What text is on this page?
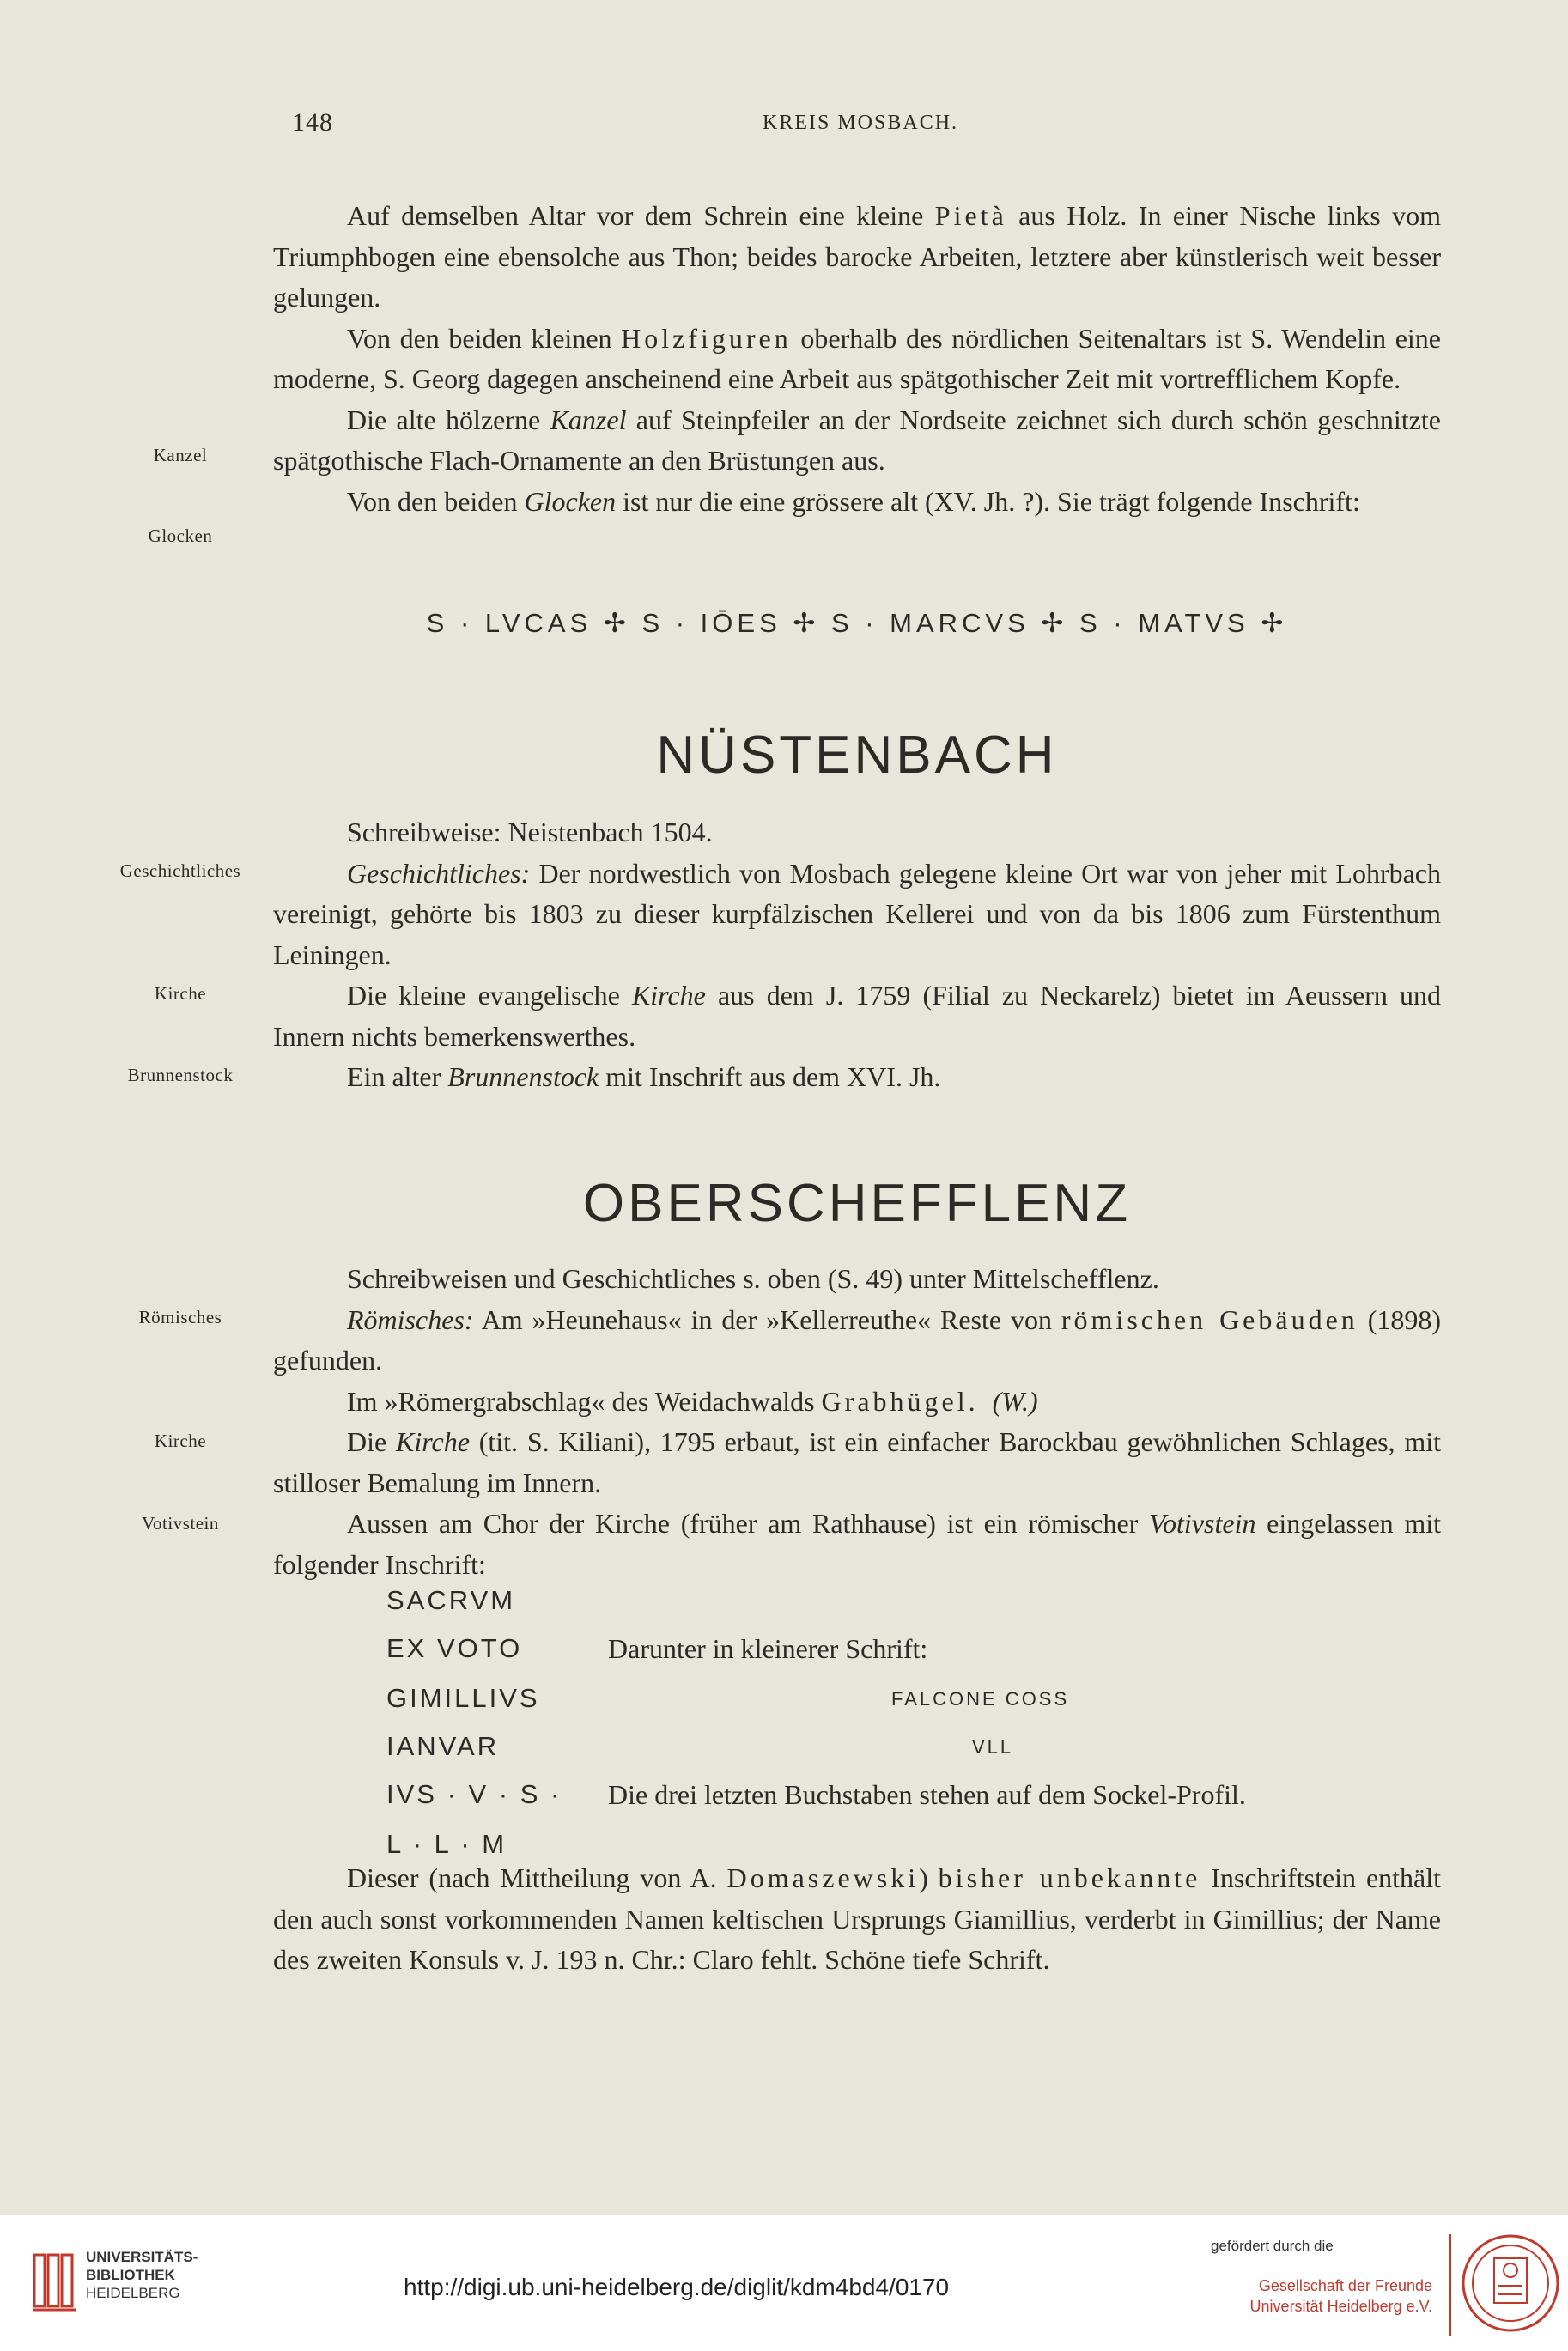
148	KREIS MOSBACH.

Auf demselben Altar vor dem Schrein eine kleine Pietà aus Holz. In einer Nische links vom Triumphbogen eine ebensolche aus Thon; beides barocke Arbeiten, letztere aber künstlerisch weit besser gelungen.

Von den beiden kleinen Holzfiguren oberhalb des nördlichen Seitenaltars ist S. Wendelin eine moderne, S. Georg dagegen anscheinend eine Arbeit aus spätgothischer Zeit mit vortrefflichem Kopfe.

Die alte hölzerne Kanzel auf Steinpfeiler an der Nordseite zeichnet sich durch schön geschnitzte spätgothische Flach-Ornamente an den Brüstungen aus.

Von den beiden Glocken ist nur die eine grössere alt (XV. Jh. ?). Sie trägt folgende Inschrift:

Kanzel
Glocken
S · LVCAS ✢ S · IŌES ✢ S · MARCVS ✢ S · MATVS ✢
NÜSTENBACH

Schreibweise: Neistenbach 1504.

Geschichtliches: Der nordwestlich von Mosbach gelegene kleine Ort war von jeher mit Lohrbach vereinigt, gehörte bis 1803 zu dieser kurpfälzischen Kellerei und von da bis 1806 zum Fürstenthum Leiningen.

Die kleine evangelische Kirche aus dem J. 1759 (Filial zu Neckarelz) bietet im Aeussern und Innern nichts bemerkenswerthes.

Ein alter Brunnenstock mit Inschrift aus dem XVI. Jh.

Geschichtliches
Kirche
Brunnenstock
OBERSCHEFFLENZ

Schreibweisen und Geschichtliches s. oben (S. 49) unter Mittelschefflenz.

Römisches: Am »Heunehaus« in der »Kellerreuthe« Reste von römischen Gebäuden (1898) gefunden.

Im »Römergrabschlag« des Weidachwalds Grabhügel. (W.)

Die Kirche (tit. S. Kiliani), 1795 erbaut, ist ein einfacher Barockbau gewöhnlichen Schlages, mit stilloser Bemalung im Innern.

Aussen am Chor der Kirche (früher am Rathhause) ist ein römischer Votivstein eingelassen mit folgender Inschrift:

Römisches
Kirche
Votivstein
SACRVM
EX VOTO
GIMILLIVS
IANVAR
IVS · V · S ·
L · L · M
Darunter in kleinerer Schrift:
FALCONE COSS
VLL
Die drei letzten Buchstaben stehen auf dem Sockel-Profil.

Dieser (nach Mittheilung von A. Domaszewski) bisher unbekannte Inschriftstein enthält den auch sonst vorkommenden Namen keltischen Ursprungs Giamillius, verderbt in Gimillius; der Name des zweiten Konsuls v. J. 193 n. Chr.: Claro fehlt. Schöne tiefe Schrift.

UNIVERSITÄTS-
BIBLIOTHEK
HEIDELBERG	http://digi.ub.uni-heidelberg.de/diglit/kdm4bd4/0170
gefördert durch die
Gesellschaft der Freunde
Universität Heidelberg e.V.
